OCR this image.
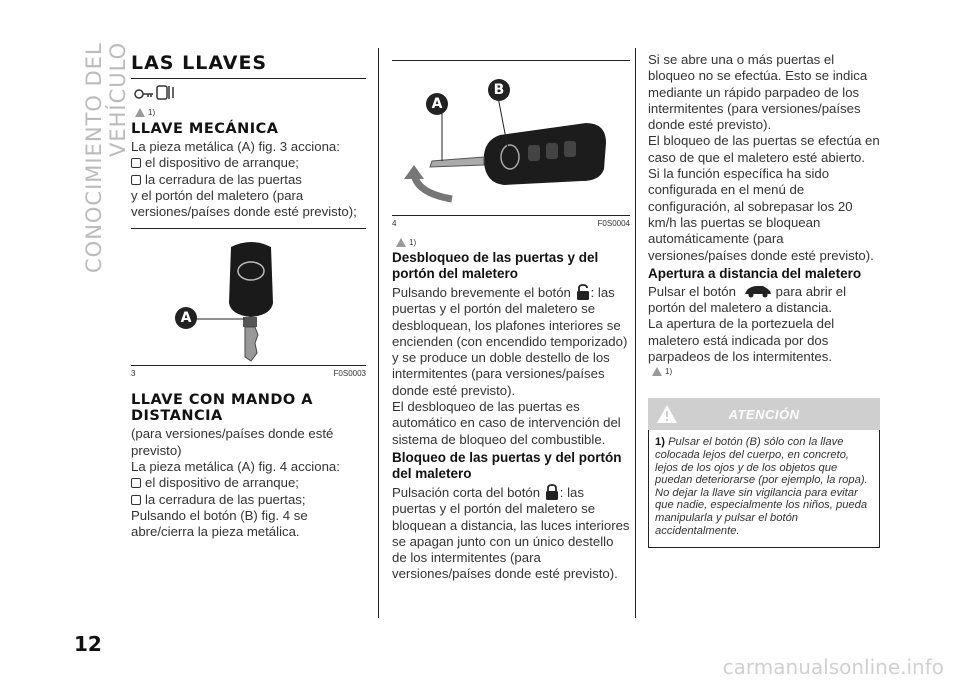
CONOCIMIENTO DEL VEHÍCULO LAS LLAVES
1)
LLAVE MECÁNICA

La pieza metálica (A) fig. 3 acciona:

el dispositivo de arranque;
la cerradura de las puertas

y el portón del maletero (para versiones/países donde esté previsto);

A
3	F0S0003
LLAVE CON MANDO A DISTANCIA

(para versiones/países donde esté previsto)

La pieza metálica (A) fig. 4 acciona:

el dispositivo de arranque;
la cerradura de las puertas;

Pulsando el botón (B) fig. 4 se abre/cierra la pieza metálica.

A
B
4	F0S0004
1)
Desbloqueo de las puertas y del portón del maletero

Pulsando brevemente el botón : las puertas y el portón del maletero se desbloquean, los plafones interiores se encienden (con encendido temporizado) y se produce un doble destello de los intermitentes (para versiones/países donde esté previsto).

El desbloqueo de las puertas es automático en caso de intervención del sistema de bloqueo del combustible.

Bloqueo de las puertas y del portón del maletero

Pulsación corta del botón : las puertas y el portón del maletero se bloquean a distancia, las luces interiores se apagan junto con un único destello de los intermitentes (para versiones/países donde esté previsto).

Si se abre una o más puertas el bloqueo no se efectúa. Esto se indica mediante un rápido parpadeo de los intermitentes (para versiones/países donde esté previsto).

El bloqueo de las puertas se efectúa en caso de que el maletero esté abierto. Si la función específica ha sido configurada en el menú de configuración, al sobrepasar los 20 km/h las puertas se bloquean automáticamente (para versiones/países donde esté previsto).

Apertura a distancia del maletero

Pulsar el botón	para abrir el portón del maletero a distancia.

La apertura de la portezuela del maletero está indicada por dos parpadeos de los intermitentes.

1)
ATENCIÓN
1) Pulsar el botón (B) sólo con la llave colocada lejos del cuerpo, en concreto, lejos de los ojos y de los objetos que puedan deteriorarse (por ejemplo, la ropa). No dejar la llave sin vigilancia para evitar que nadie, especialmente los niños, pueda manipularla y pulsar el botón accidentalmente.
12
carmanualsonline.info
